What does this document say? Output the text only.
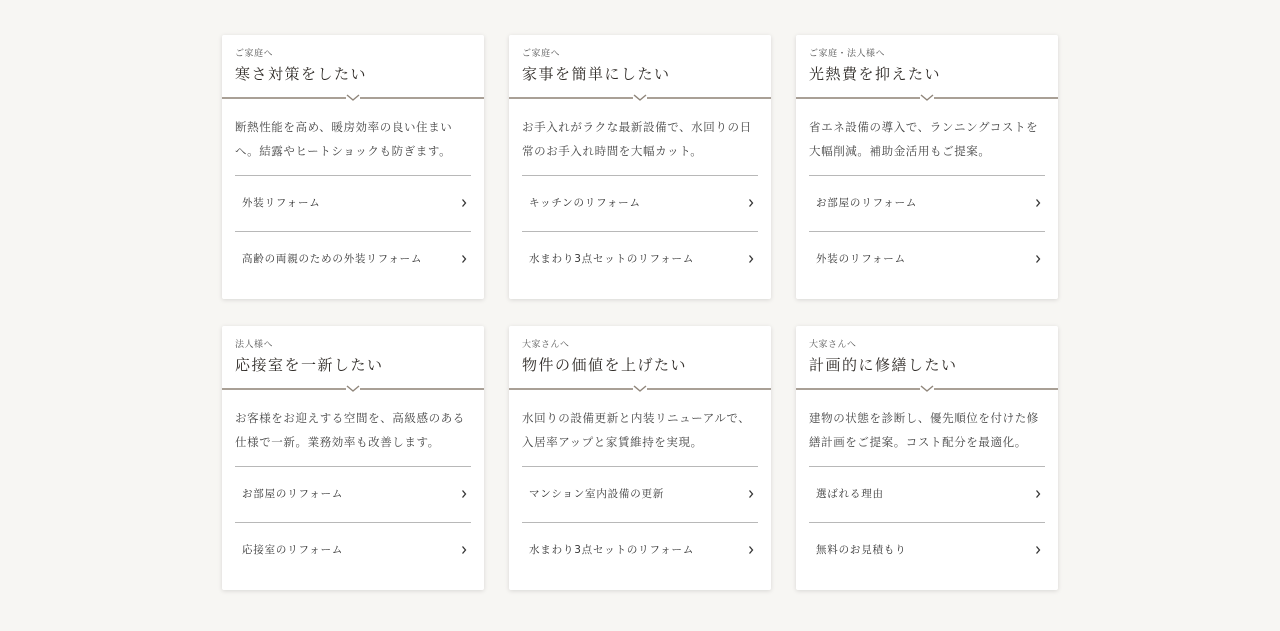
ご家庭へ
寒さ対策をしたい
断熱性能を高め、暖房効率の良い住まいへ。結露やヒートショックも防ぎます。
外装リフォーム
高齢の両親のための外装リフォーム
ご家庭へ
家事を簡単にしたい
お手入れがラクな最新設備で、水回りの日常のお手入れ時間を大幅カット。
キッチンのリフォーム
水まわり3点セットのリフォーム
ご家庭・法人様へ
光熱費を抑えたい
省エネ設備の導入で、ランニングコストを大幅削減。補助金活用もご提案。
お部屋のリフォーム
外装のリフォーム
法人様へ
応接室を一新したい
お客様をお迎えする空間を、高級感のある仕様で一新。業務効率も改善します。
お部屋のリフォーム
応接室のリフォーム
大家さんへ
物件の価値を上げたい
水回りの設備更新と内装リニューアルで、入居率アップと家賃維持を実現。
マンション室内設備の更新
水まわり3点セットのリフォーム
大家さんへ
計画的に修繕したい
建物の状態を診断し、優先順位を付けた修繕計画をご提案。コスト配分を最適化。
選ばれる理由
無料のお見積もり
